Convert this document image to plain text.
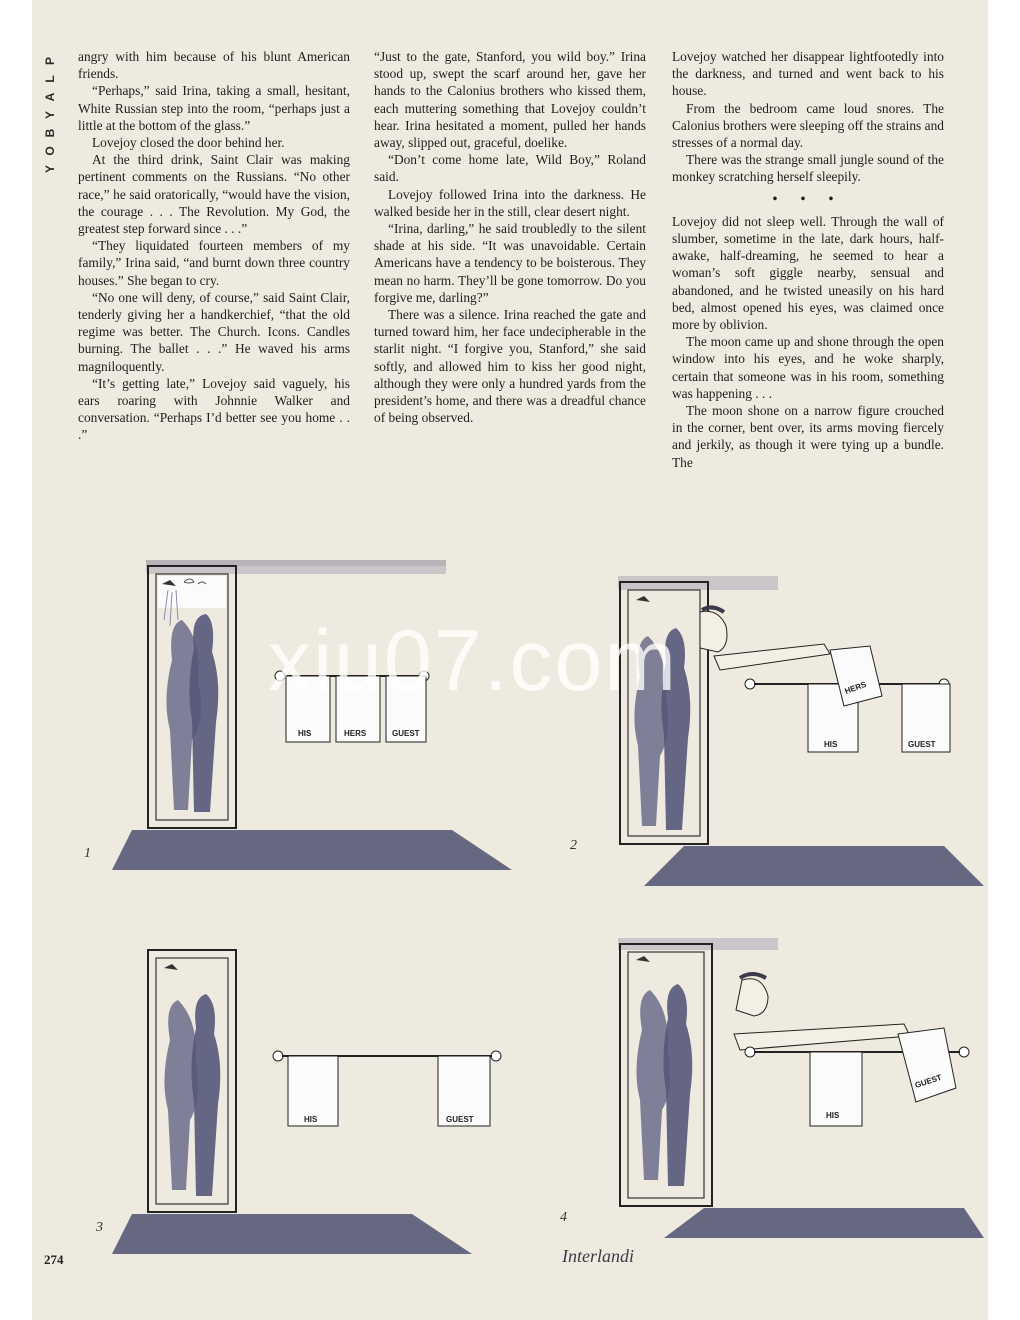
P
L
A
Y
B
O
Y

angry with him because of his blunt American friends.

“Perhaps,” said Irina, taking a small, hesitant, White Russian step into the room, “perhaps just a little at the bottom of the glass.”

Lovejoy closed the door behind her.

At the third drink, Saint Clair was making pertinent comments on the Russians. “No other race,” he said oratorically, “would have the vision, the courage . . . The Revolution. My God, the greatest step forward since . . .”

“They liquidated fourteen members of my family,” Irina said, “and burnt down three country houses.” She began to cry.

“No one will deny, of course,” said Saint Clair, tenderly giving her a handkerchief, “that the old regime was better. The Church. Icons. Candles burning. The ballet . . .” He waved his arms magniloquently.

“It’s getting late,” Lovejoy said vaguely, his ears roaring with Johnnie Walker and conversation. “Perhaps I’d better see you home . . .”

“Just to the gate, Stanford, you wild boy.” Irina stood up, swept the scarf around her, gave her hands to the Calonius brothers who kissed them, each muttering something that Lovejoy couldn’t hear. Irina hesitated a moment, pulled her hands away, slipped out, graceful, doelike.

“Don’t come home late, Wild Boy,” Roland said.

Lovejoy followed Irina into the darkness. He walked beside her in the still, clear desert night.

“Irina, darling,” he said troubledly to the silent shade at his side. “It was unavoidable. Certain Americans have a tendency to be boisterous. They mean no harm. They’ll be gone tomorrow. Do you forgive me, darling?”

There was a silence. Irina reached the gate and turned toward him, her face undecipherable in the starlit night. “I forgive you, Stanford,” she said softly, and allowed him to kiss her good night, although they were only a hundred yards from the president’s home, and there was a dreadful chance of being observed.

Lovejoy watched her disappear lightfootedly into the darkness, and turned and went back to his house.

From the bedroom came loud snores. The Calonius brothers were sleeping off the strains and stresses of a normal day.

There was the strange small jungle sound of the monkey scratching herself sleepily.

• • •

Lovejoy did not sleep well. Through the wall of slumber, sometime in the late, dark hours, half-awake, half-dreaming, he seemed to hear a woman’s soft giggle nearby, sensual and abandoned, and he twisted uneasily on his hard bed, almost opened his eyes, was claimed once more by oblivion.

The moon came up and shone through the open window into his eyes, and he woke sharply, certain that someone was in his room, something was happening . . .

The moon shone on a narrow figure crouched in the corner, bent over, its arms moving fiercely and jerkily, as though it were tying up a bundle. The

HIS	HERS	GUEST
1
HIS
HERS
GUEST
2
HIS	GUEST
3
HIS
GUEST
4
Interlandi
xiu07.com
274
